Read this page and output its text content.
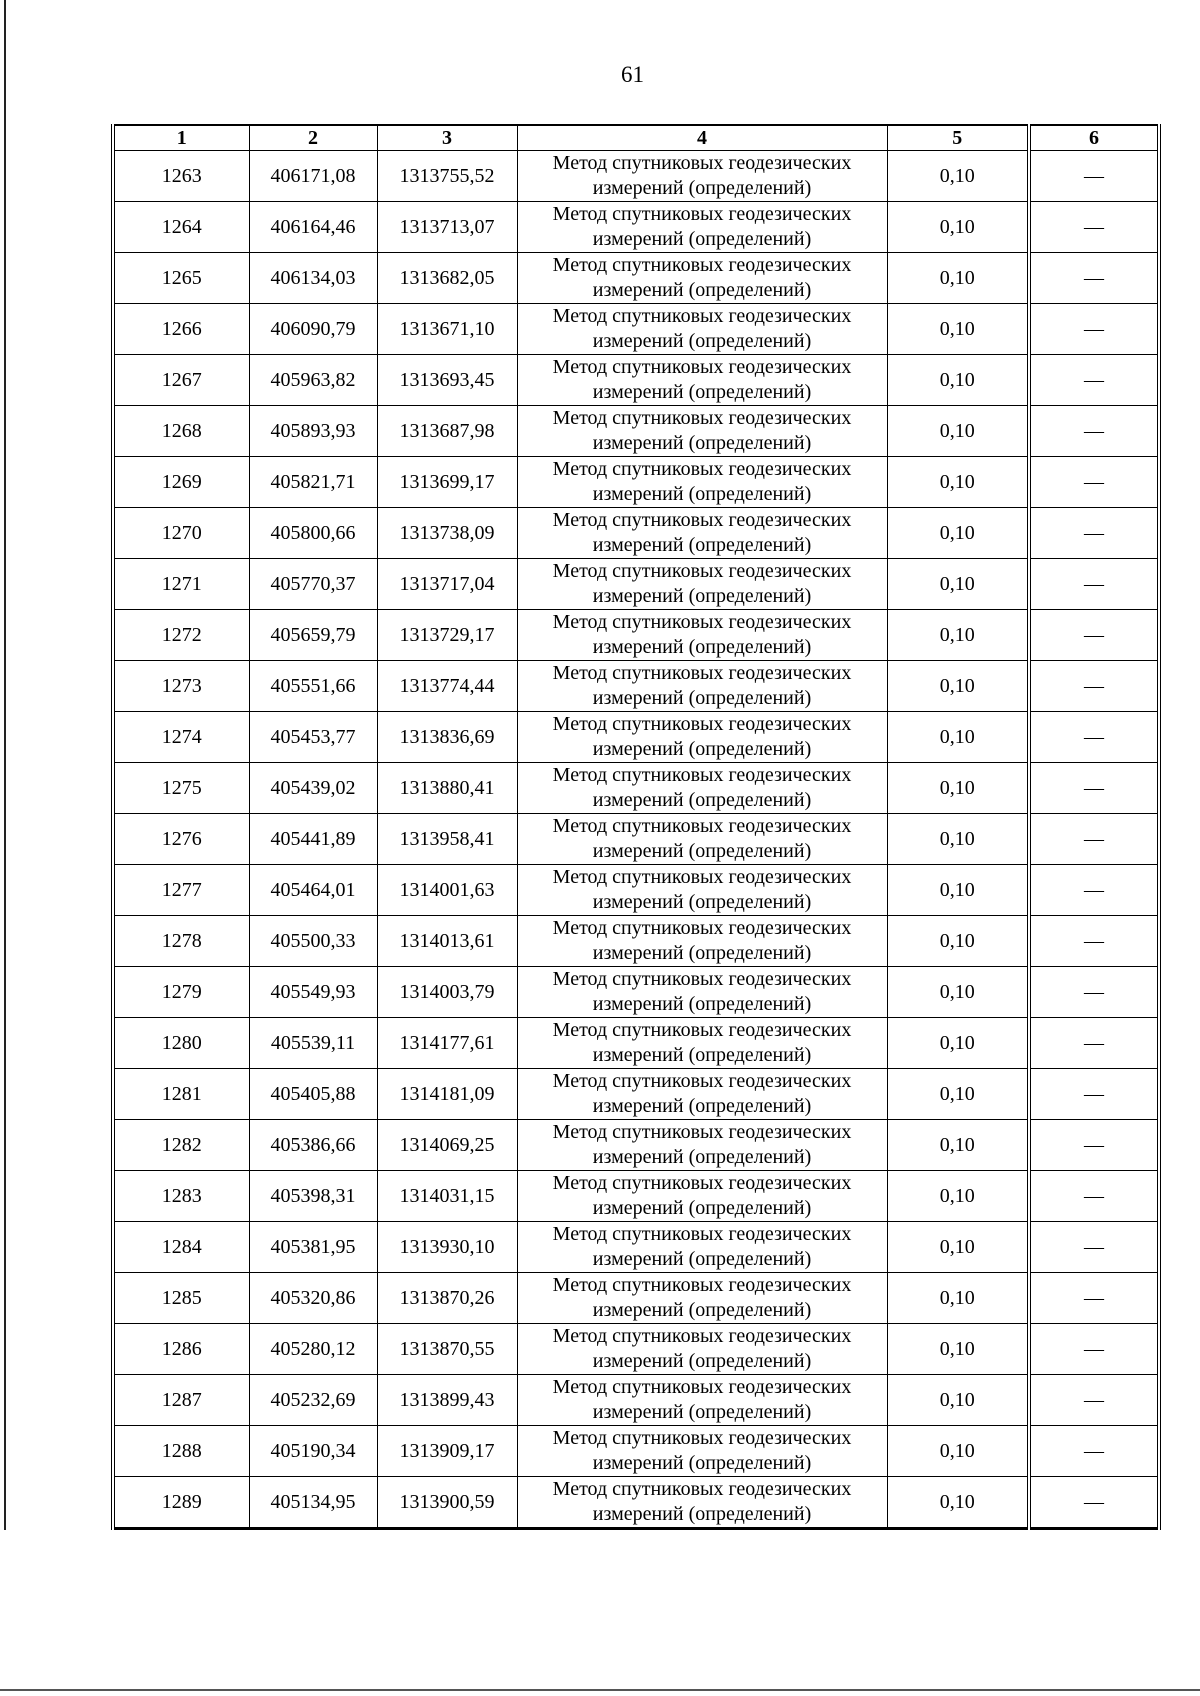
61
1	2	3	4	5	6
1263	406171,08	1313755,52	Метод спутниковых геодезических
измерений (определений)	0,10	—
1264	406164,46	1313713,07	Метод спутниковых геодезических
измерений (определений)	0,10	—
1265	406134,03	1313682,05	Метод спутниковых геодезических
измерений (определений)	0,10	—
1266	406090,79	1313671,10	Метод спутниковых геодезических
измерений (определений)	0,10	—
1267	405963,82	1313693,45	Метод спутниковых геодезических
измерений (определений)	0,10	—
1268	405893,93	1313687,98	Метод спутниковых геодезических
измерений (определений)	0,10	—
1269	405821,71	1313699,17	Метод спутниковых геодезических
измерений (определений)	0,10	—
1270	405800,66	1313738,09	Метод спутниковых геодезических
измерений (определений)	0,10	—
1271	405770,37	1313717,04	Метод спутниковых геодезических
измерений (определений)	0,10	—
1272	405659,79	1313729,17	Метод спутниковых геодезических
измерений (определений)	0,10	—
1273	405551,66	1313774,44	Метод спутниковых геодезических
измерений (определений)	0,10	—
1274	405453,77	1313836,69	Метод спутниковых геодезических
измерений (определений)	0,10	—
1275	405439,02	1313880,41	Метод спутниковых геодезических
измерений (определений)	0,10	—
1276	405441,89	1313958,41	Метод спутниковых геодезических
измерений (определений)	0,10	—
1277	405464,01	1314001,63	Метод спутниковых геодезических
измерений (определений)	0,10	—
1278	405500,33	1314013,61	Метод спутниковых геодезических
измерений (определений)	0,10	—
1279	405549,93	1314003,79	Метод спутниковых геодезических
измерений (определений)	0,10	—
1280	405539,11	1314177,61	Метод спутниковых геодезических
измерений (определений)	0,10	—
1281	405405,88	1314181,09	Метод спутниковых геодезических
измерений (определений)	0,10	—
1282	405386,66	1314069,25	Метод спутниковых геодезических
измерений (определений)	0,10	—
1283	405398,31	1314031,15	Метод спутниковых геодезических
измерений (определений)	0,10	—
1284	405381,95	1313930,10	Метод спутниковых геодезических
измерений (определений)	0,10	—
1285	405320,86	1313870,26	Метод спутниковых геодезических
измерений (определений)	0,10	—
1286	405280,12	1313870,55	Метод спутниковых геодезических
измерений (определений)	0,10	—
1287	405232,69	1313899,43	Метод спутниковых геодезических
измерений (определений)	0,10	—
1288	405190,34	1313909,17	Метод спутниковых геодезических
измерений (определений)	0,10	—
1289	405134,95	1313900,59	Метод спутниковых геодезических
измерений (определений)	0,10	—
